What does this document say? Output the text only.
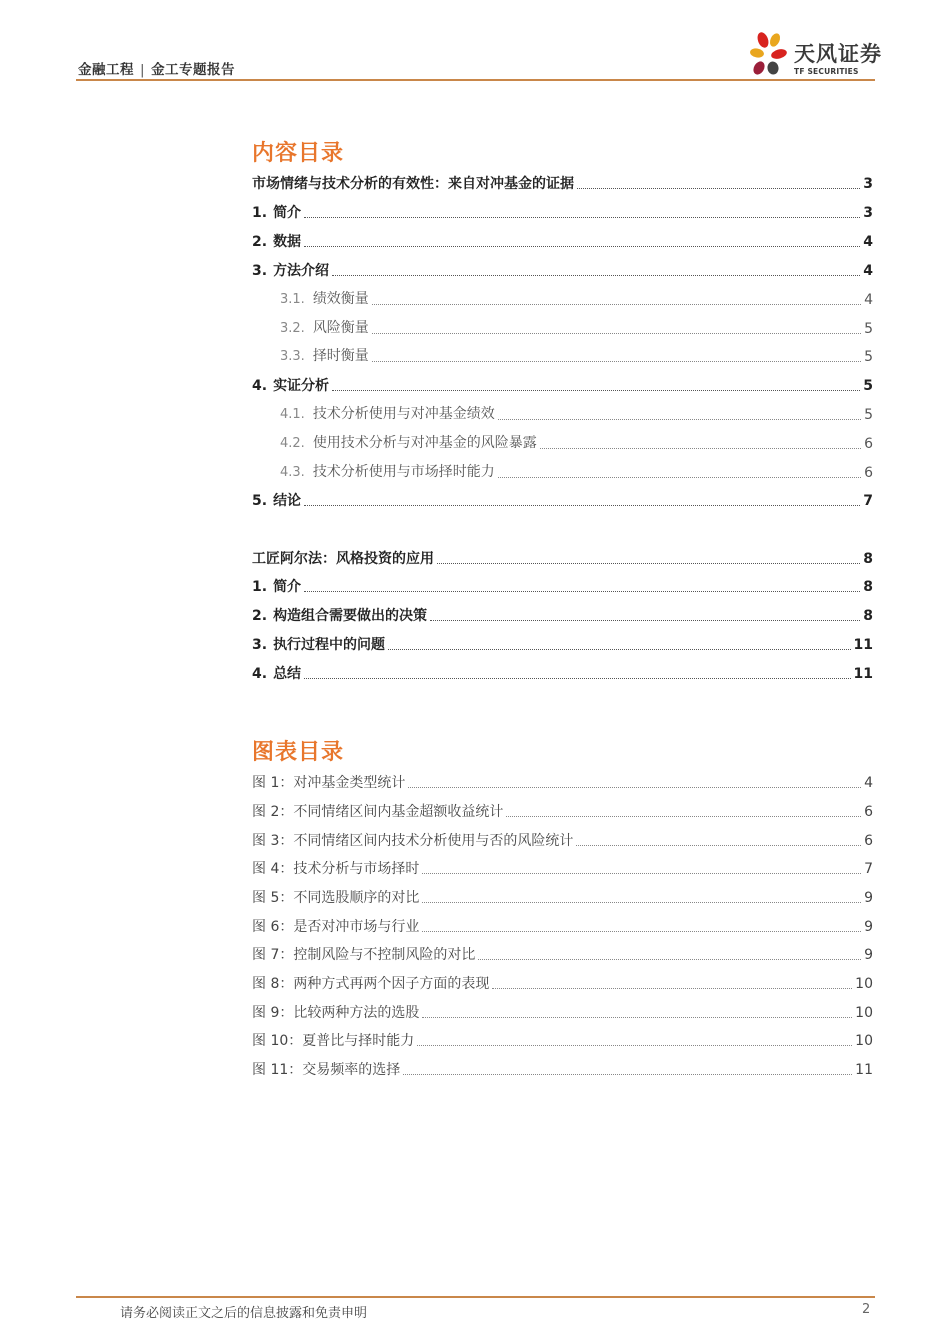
金融工程 | 金工专题报告
天风证券
TF SECURITIES
内容目录
市场情绪与技术分析的有效性：来自对冲基金的证据	3
1. 简介	3
2. 数据	4
3. 方法介绍	4
3.1. 绩效衡量	4
3.2. 风险衡量	5
3.3. 择时衡量	5
4. 实证分析	5
4.1. 技术分析使用与对冲基金绩效	5
4.2. 使用技术分析与对冲基金的风险暴露	6
4.3. 技术分析使用与市场择时能力	6
5. 结论	7
工匠阿尔法：风格投资的应用	8
1. 简介	8
2. 构造组合需要做出的决策	8
3. 执行过程中的问题	11
4. 总结	11
图表目录
图 1：对冲基金类型统计	4
图 2：不同情绪区间内基金超额收益统计	6
图 3：不同情绪区间内技术分析使用与否的风险统计	6
图 4：技术分析与市场择时	7
图 5：不同选股顺序的对比	9
图 6：是否对冲市场与行业	9
图 7：控制风险与不控制风险的对比	9
图 8：两种方式再两个因子方面的表现	10
图 9：比较两种方法的选股	10
图 10：夏普比与择时能力	10
图 11：交易频率的选择	11
请务必阅读正文之后的信息披露和免责申明	2
